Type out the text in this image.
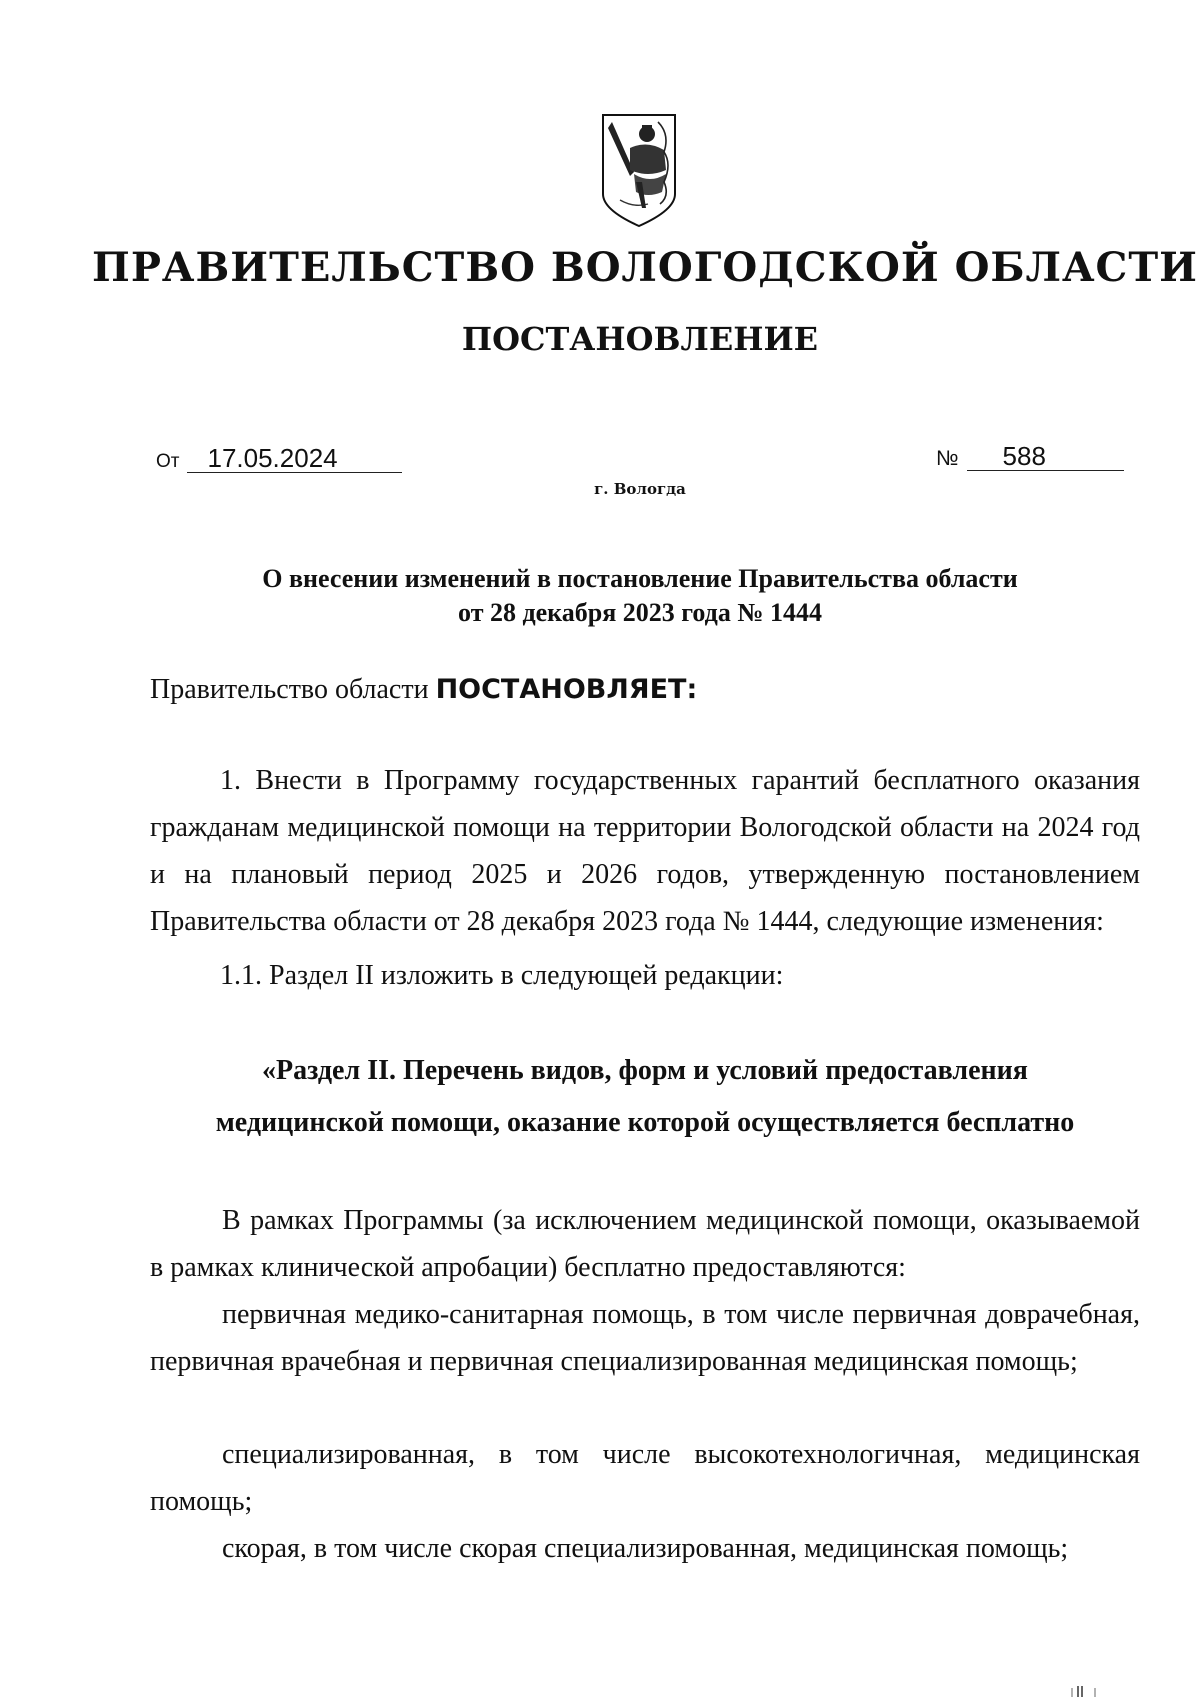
ПРАВИТЕЛЬСТВО ВОЛОГОДСКОЙ ОБЛАСТИ
ПОСТАНОВЛЕНИЕ
От 17.05.2024	№ 588
г. Вологда
О внесении изменений в постановление Правительства области
от 28 декабря 2023 года № 1444
Правительство области ПОСТАНОВЛЯЕТ:

1. Внести в Программу государственных гарантий бесплатного оказания гражданам медицинской помощи на территории Вологодской области на 2024 год и на плановый период 2025 и 2026 годов, утвержденную постановлением Правительства области от 28 декабря 2023 года № 1444, следующие изменения:

1.1. Раздел II изложить в следующей редакции:

«Раздел II. Перечень видов, форм и условий предоставления
медицинской помощи, оказание которой осуществляется бесплатно

В рамках Программы (за исключением медицинской помощи, оказываемой в рамках клинической апробации) бесплатно предоставляются:

первичная медико-санитарная помощь, в том числе первичная доврачебная, первичная врачебная и первичная специализированная медицинская помощь;

специализированная, в том числе высокотехнологичная, медицинская помощь;

скорая, в том числе скорая специализированная, медицинская помощь;
